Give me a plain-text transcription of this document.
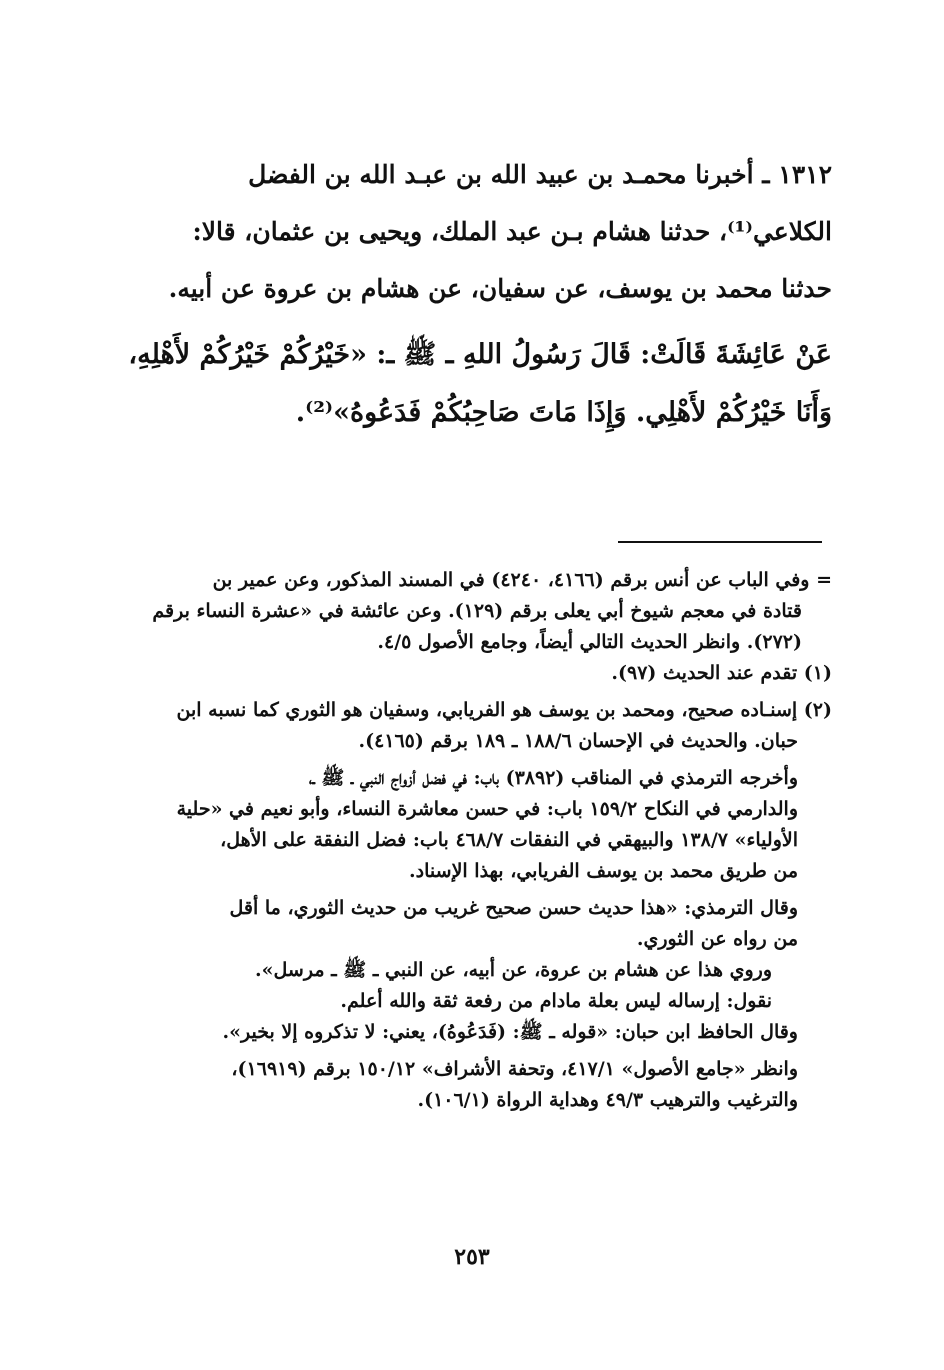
١٣١٢ ـ أخبرنا محمـد بن عبيد الله بن عبـد الله بن الفضل
الكلاعي⁽¹⁾، حدثنا هشام بـن عبد الملك، ويحيى بن عثمان، قالا:
حدثنا محمد بن يوسف، عن سفيان، عن هشام بن عروة عن أبيه.
عَنْ عَائِشَةَ قَالَتْ: قَالَ رَسُولُ اللهِ ـ ﷺ ـ: «خَيْرُكُمْ خَيْرُكُمْ لأَهْلِهِ،
وَأَنَا خَيْرُكُمْ لأَهْلِي. وَإِذَا مَاتَ صَاحِبُكُمْ فَدَعُوهُ»⁽²⁾.
= وفي الباب عن أنس برقم (٤١٦٦، ٤٢٤٠) في المسند المذكور، وعن عمير بن
قتادة في معجم شيوخ أبي يعلى برقم (١٢٩). وعن عائشة في «عشرة النساء برقم
(٢٧٢). وانظر الحديث التالي أيضاً، وجامع الأصول ٤/٥.
(١) تقدم عند الحديث (٩٧).
(٢) إسنـاده صحيح، ومحمد بن يوسف هو الفريابي، وسفيان هو الثوري كما نسبه ابن
حبان. والحديث في الإحسان ١٨٨/٦ ـ ١٨٩ برقم (٤١٦٥).
وأخرجه الترمذي في المناقب (٣٨٩٢) باب: في فضل أزواج النبي ـ ﷺ ـ،
والدارمي في النكاح ١٥٩/٢ باب: في حسن معاشرة النساء، وأبو نعيم في «حلية
الأولياء» ١٣٨/٧ والبيهقي في النفقات ٤٦٨/٧ باب: فضل النفقة على الأهل،
من طريق محمد بن يوسف الفريابي، بهذا الإسناد.
وقال الترمذي: «هذا حديث حسن صحيح غريب من حديث الثوري، ما أقل
من رواه عن الثوري.
وروي هذا عن هشام بن عروة، عن أبيه، عن النبي ـ ﷺ ـ مرسل».
نقول: إرساله ليس بعلة مادام من رفعة ثقة والله أعلم.
وقال الحافظ ابن حبان: «قوله ـ ﷺ: (فَدَعُوهُ)، يعني: لا تذكروه إلا بخير».
وانظر «جامع الأصول» ٤١٧/١، وتحفة الأشراف» ١٥٠/١٢ برقم (١٦٩١٩)،
والترغيب والترهيب ٤٩/٣ وهداية الرواة (١٠٦/١).
٢٥٣
